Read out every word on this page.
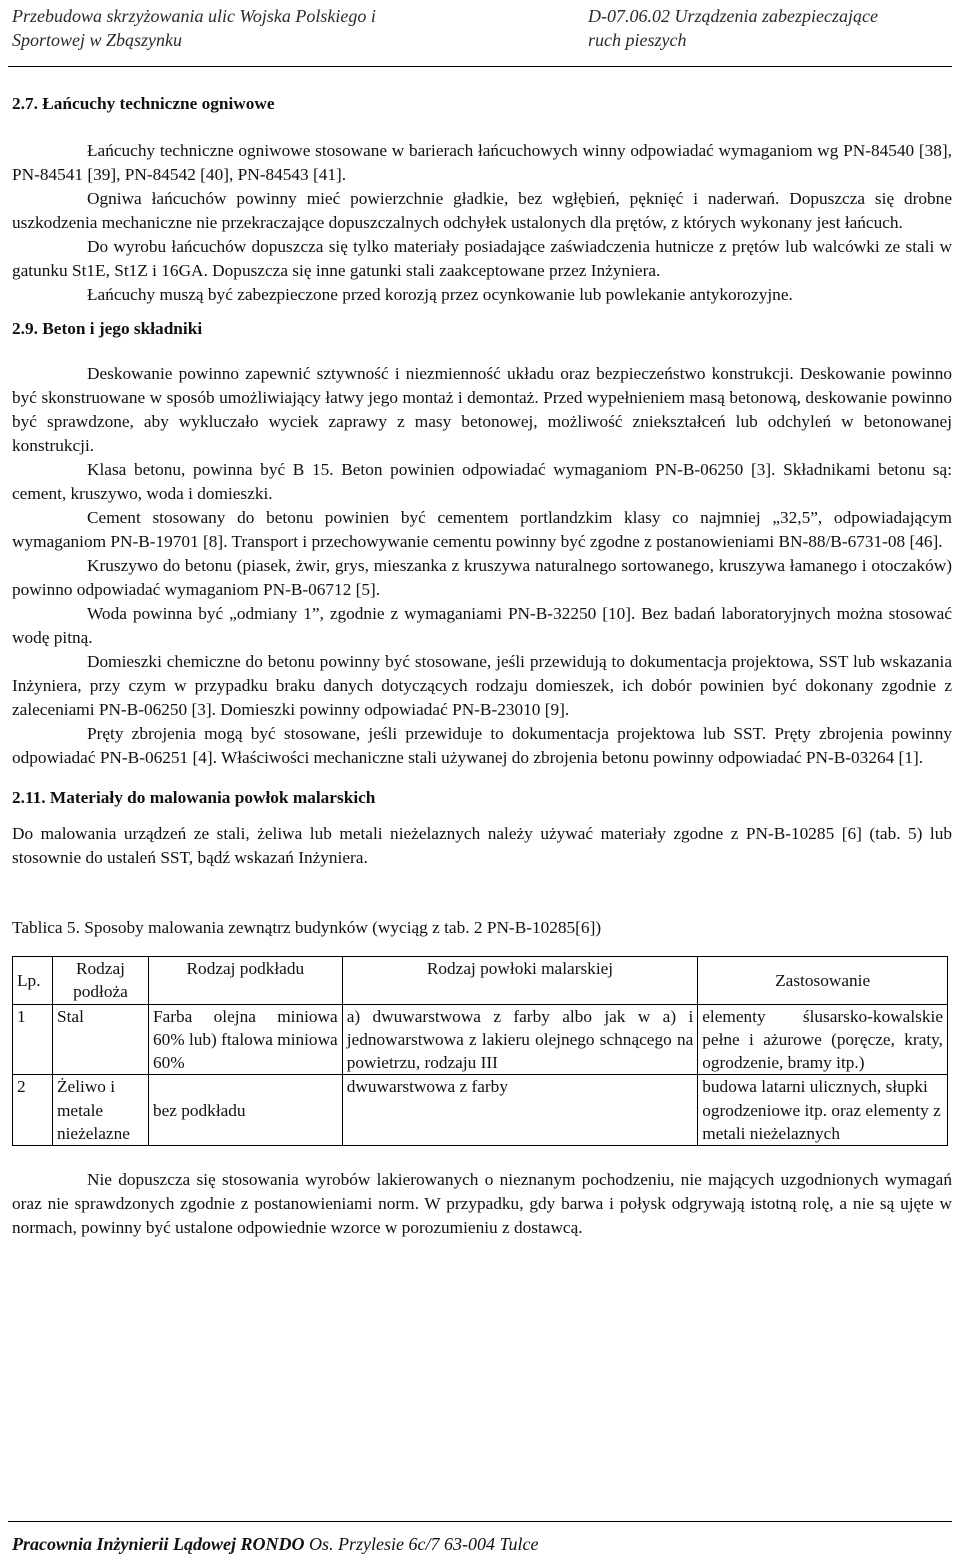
Przebudowa skrzyżowania ulic Wojska Polskiego i
Sportowej w Zbąszynku
D-07.06.02 Urządzenia zabezpieczające
ruch pieszych
2.7. Łańcuchy techniczne ogniwowe

Łańcuchy techniczne ogniwowe stosowane w barierach łańcuchowych winny odpowiadać wymaganiom wg PN-84540 [38], PN-84541 [39], PN-84542 [40], PN-84543 [41].

Ogniwa łańcuchów powinny mieć powierzchnie gładkie, bez wgłębień, pęknięć i naderwań. Dopuszcza się drobne uszkodzenia mechaniczne nie przekraczające dopuszczalnych odchyłek ustalonych dla prętów, z których wykonany jest łańcuch.

Do wyrobu łańcuchów dopuszcza się tylko materiały posiadające zaświadczenia hutnicze z prętów lub walcówki ze stali w gatunku St1E, St1Z i 16GA. Dopuszcza się inne gatunki stali zaakceptowane przez Inżyniera.

Łańcuchy muszą być zabezpieczone przed korozją przez ocynkowanie lub powlekanie antykorozyjne.

2.9. Beton i jego składniki

Deskowanie powinno zapewnić sztywność i niezmienność układu oraz bezpieczeństwo konstrukcji. Deskowanie powinno być skonstruowane w sposób umożliwiający łatwy jego montaż i demontaż. Przed wypełnieniem masą betonową, deskowanie powinno być sprawdzone, aby wykluczało wyciek zaprawy z masy betonowej, możliwość zniekształceń lub odchyleń w betonowanej konstrukcji.

Klasa betonu, powinna być B 15. Beton powinien odpowiadać wymaganiom PN-B-06250 [3]. Składnikami betonu są: cement, kruszywo, woda i domieszki.

Cement stosowany do betonu powinien być cementem portlandzkim klasy co najmniej „32,5”, odpowiadającym wymaganiom PN-B-19701 [8]. Transport i przechowywanie cementu powinny być zgodne z postanowieniami BN-88/B-6731-08 [46].

Kruszywo do betonu (piasek, żwir, grys, mieszanka z kruszywa naturalnego sortowanego, kruszywa łamanego i otoczaków) powinno odpowiadać wymaganiom PN-B-06712 [5].

Woda powinna być „odmiany 1”, zgodnie z wymaganiami PN-B-32250 [10]. Bez badań laboratoryjnych można stosować wodę pitną.

Domieszki chemiczne do betonu powinny być stosowane, jeśli przewidują to dokumentacja projektowa, SST lub wskazania Inżyniera, przy czym w przypadku braku danych dotyczących rodzaju domieszek, ich dobór powinien być dokonany zgodnie z zaleceniami PN-B-06250 [3]. Domieszki powinny odpowiadać PN-B-23010 [9].

Pręty zbrojenia mogą być stosowane, jeśli przewiduje to dokumentacja projektowa lub SST. Pręty zbrojenia powinny odpowiadać PN-B-06251 [4]. Właściwości mechaniczne stali używanej do zbrojenia betonu powinny odpowiadać PN-B-03264 [1].

2.11. Materiały do malowania powłok malarskich

Do malowania urządzeń ze stali, żeliwa lub metali nieżelaznych należy używać materiały zgodne z PN-B-10285 [6] (tab. 5) lub stosownie do ustaleń SST, bądź wskazań Inżyniera.

Tablica 5. Sposoby malowania zewnątrz budynków (wyciąg z tab. 2 PN-B-10285[6])

Lp.	Rodzaj podłoża	Rodzaj podkładu	Rodzaj powłoki malarskiej	Zastosowanie
1	Stal	Farba olejna miniowa 60% lub) ftalowa miniowa 60%	a) dwuwarstwowa z farby albo jak w a) i jednowarstwowa z lakieru olejnego schnącego na powietrzu, rodzaju III	elementy ślusarsko-kowalskie pełne i ażurowe (poręcze, kraty, ogrodzenie, bramy itp.)
2	Żeliwo i metale nieżelazne	bez podkładu	dwuwarstwowa z farby	budowa latarni ulicznych, słupki ogrodzeniowe itp. oraz elementy z metali nieżelaznych

Nie dopuszcza się stosowania wyrobów lakierowanych o nieznanym pochodzeniu, nie mających uzgodnionych wymagań oraz nie sprawdzonych zgodnie z postanowieniami norm. W przypadku, gdy barwa i połysk odgrywają istotną rolę, a nie są ujęte w normach, powinny być ustalone odpowiednie wzorce w porozumieniu z dostawcą.

Pracownia Inżynierii Lądowej RONDO Os. Przylesie 6c/7 63-004 Tulce
